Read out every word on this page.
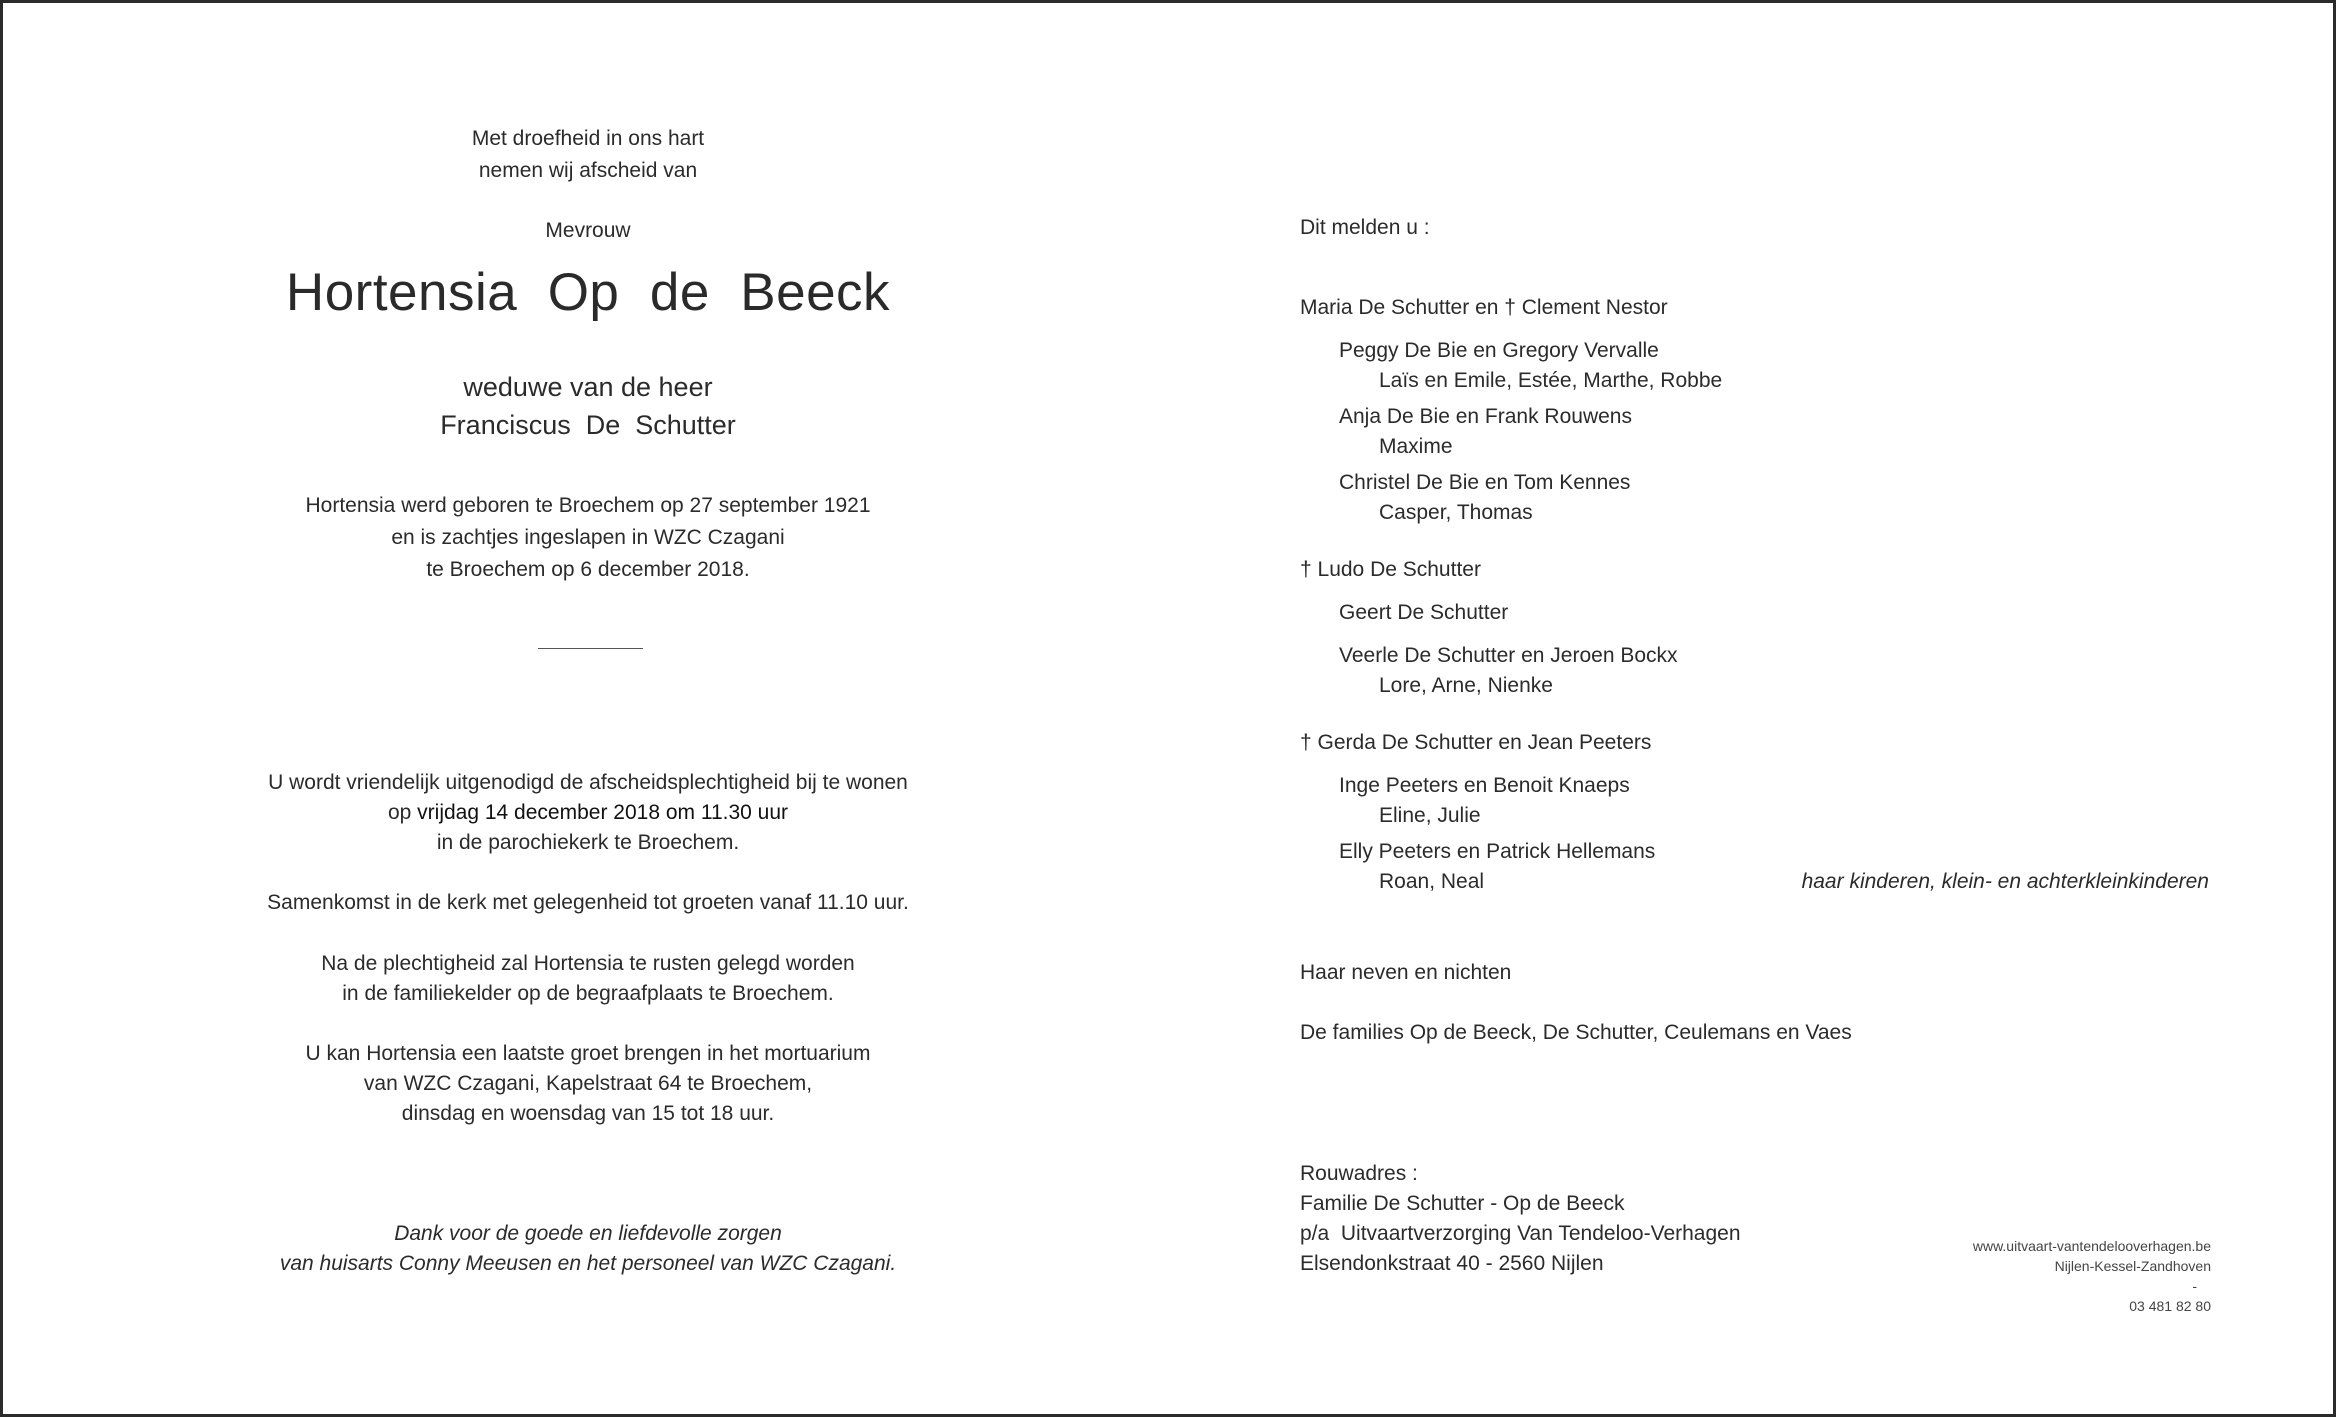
Met droefheid in ons hart

nemen wij afscheid van

Mevrouw

Hortensia  Op  de  Beeck

weduwe van de heer

Franciscus  De  Schutter

Hortensia werd geboren te Broechem op 27 september 1921

en is zachtjes ingeslapen in WZC Czagani

te Broechem op 6 december 2018.

U wordt vriendelijk uitgenodigd de afscheidsplechtigheid bij te wonen

op vrijdag 14 december 2018 om 11.30 uur

in de parochiekerk te Broechem.

Samenkomst in de kerk met gelegenheid tot groeten vanaf 11.10 uur.

Na de plechtigheid zal Hortensia te rusten gelegd worden

in de familiekelder op de begraafplaats te Broechem.

U kan Hortensia een laatste groet brengen in het mortuarium

van WZC Czagani, Kapelstraat 64 te Broechem,

dinsdag en woensdag van 15 tot 18 uur.

Dank voor de goede en liefdevolle zorgen

van huisarts Conny Meeusen en het personeel van WZC Czagani.

Dit melden u :

Maria De Schutter en † Clement Nestor

Peggy De Bie en Gregory Vervalle

Laïs en Emile, Estée, Marthe, Robbe

Anja De Bie en Frank Rouwens

Maxime

Christel De Bie en Tom Kennes

Casper, Thomas

† Ludo De Schutter

Geert De Schutter

Veerle De Schutter en Jeroen Bockx

Lore, Arne, Nienke

† Gerda De Schutter en Jean Peeters

Inge Peeters en Benoit Knaeps

Eline, Julie

Elly Peeters en Patrick Hellemans

Roan, Neal	haar kinderen, klein- en achterkleinkinderen

Haar neven en nichten

De families Op de Beeck, De Schutter, Ceulemans en Vaes

Rouwadres :

Familie De Schutter - Op de Beeck

p/a  Uitvaartverzorging Van Tendeloo-Verhagen

Elsendonkstraat 40 - 2560 Nijlen

www.uitvaart-vantendelooverhagen.be
Nijlen-Kessel-Zandhoven
-
03 481 82 80
